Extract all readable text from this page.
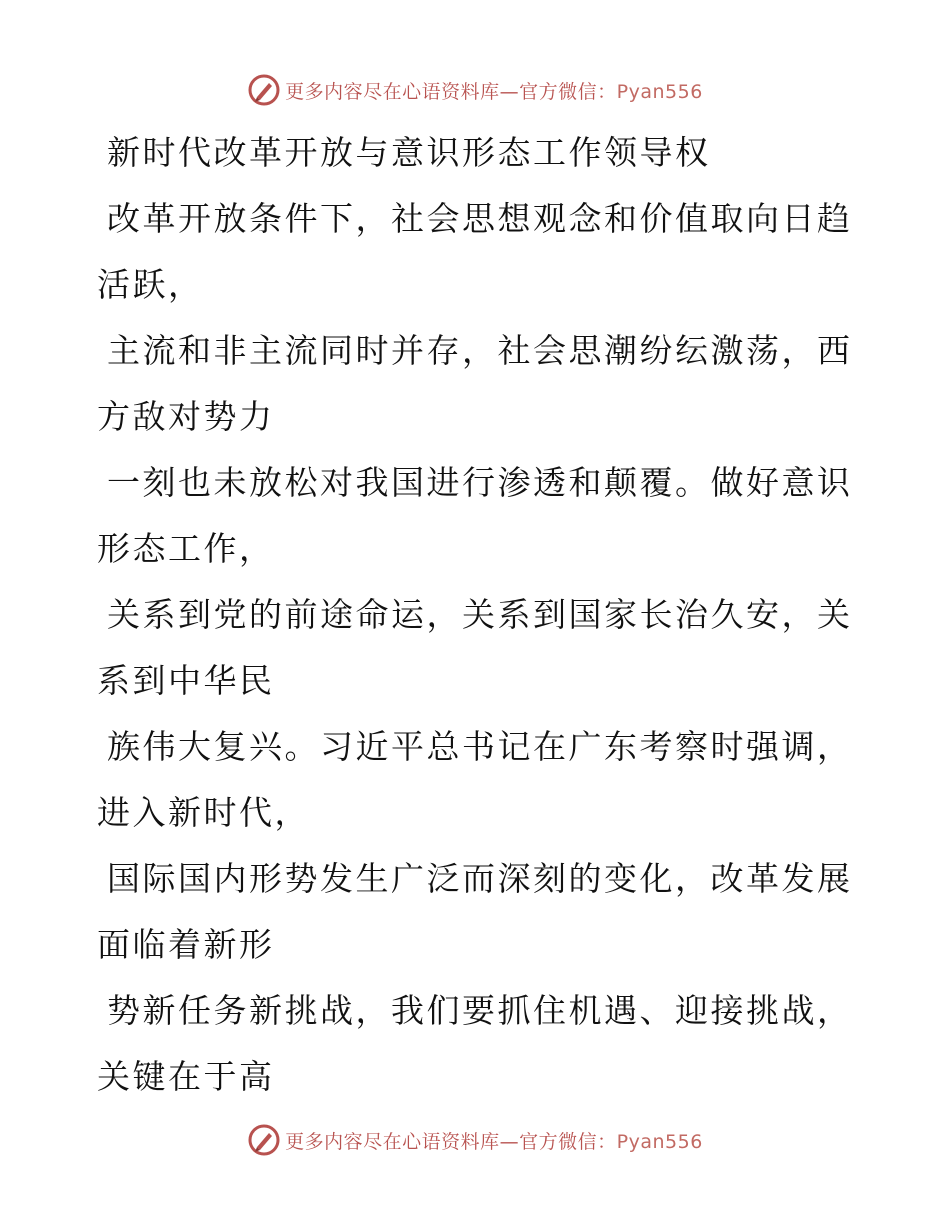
更多内容尽在心语资料库—官方微信：Pyan556

新时代改革开放与意识形态工作领导权

改革开放条件下，社会思想观念和价值取向日趋

活跃，

主流和非主流同时并存，社会思潮纷纭激荡，西

方敌对势力

一刻也未放松对我国进行渗透和颠覆。做好意识

形态工作，

关系到党的前途命运，关系到国家长治久安，关

系到中华民

族伟大复兴。习近平总书记在广东考察时强调，

进入新时代，

国际国内形势发生广泛而深刻的变化，改革发展

面临着新形

势新任务新挑战，我们要抓住机遇、迎接挑战，

关键在于高

更多内容尽在心语资料库—官方微信：Pyan556
